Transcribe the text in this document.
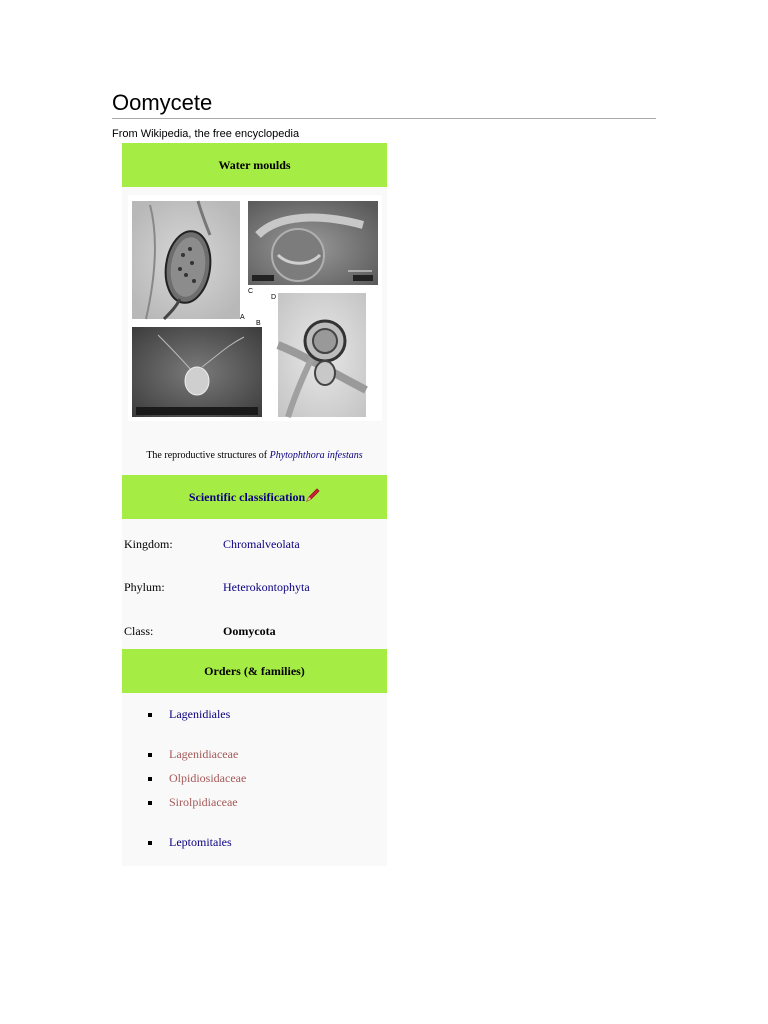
Oomycete
From Wikipedia, the free encyclopedia
Water moulds
A
C
D
B
The reproductive structures of Phytophthora infestans
Scientific classification
Kingdom:	Chromalveolata
Phylum:	Heterokontophyta
Class:	Oomycota
Orders (& families)
Lagenidiales
Lagenidiaceae
Olpidiosidaceae
Sirolpidiaceae
Leptomitales
